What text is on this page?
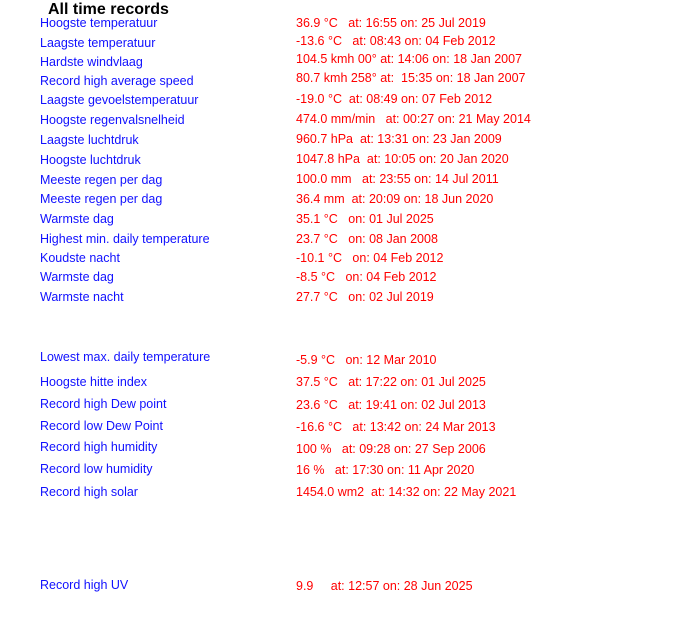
All time records
Hoogste temperatuur	36.9 °C   at: 16:55 on: 25 Jul 2019
Laagste temperatuur	-13.6 °C   at: 08:43 on: 04 Feb 2012
Hardste windvlaag	104.5 kmh 00° at: 14:06 on: 18 Jan 2007
Record high average speed	80.7 kmh 258° at:  15:35 on: 18 Jan 2007
Laagste gevoelstemperatuur	-19.0 °C  at: 08:49 on: 07 Feb 2012
Hoogste regenvalsnelheid	474.0 mm/min   at: 00:27 on: 21 May 2014
Laagste luchtdruk	960.7 hPa  at: 13:31 on: 23 Jan 2009
Hoogste luchtdruk	1047.8 hPa  at: 10:05 on: 20 Jan 2020
Meeste regen per dag	100.0 mm   at: 23:55 on: 14 Jul 2011
Meeste regen per dag	36.4 mm  at: 20:09 on: 18 Jun 2020
Warmste dag	35.1 °C   on: 01 Jul 2025
Highest min. daily temperature	23.7 °C   on: 08 Jan 2008
Koudste nacht	-10.1 °C   on: 04 Feb 2012
Warmste dag	-8.5 °C   on: 04 Feb 2012
Warmste nacht	27.7 °C   on: 02 Jul 2019
Lowest max. daily temperature	-5.9 °C   on: 12 Mar 2010
Hoogste hitte index	37.5 °C   at: 17:22 on: 01 Jul 2025
Record high Dew point	23.6 °C   at: 19:41 on: 02 Jul 2013
Record low Dew Point	-16.6 °C   at: 13:42 on: 24 Mar 2013
Record high humidity	100 %   at: 09:28 on: 27 Sep 2006
Record low humidity	16 %   at: 17:30 on: 11 Apr 2020
Record high solar	1454.0 wm2  at: 14:32 on: 22 May 2021
Record high UV	9.9     at: 12:57 on: 28 Jun 2025
